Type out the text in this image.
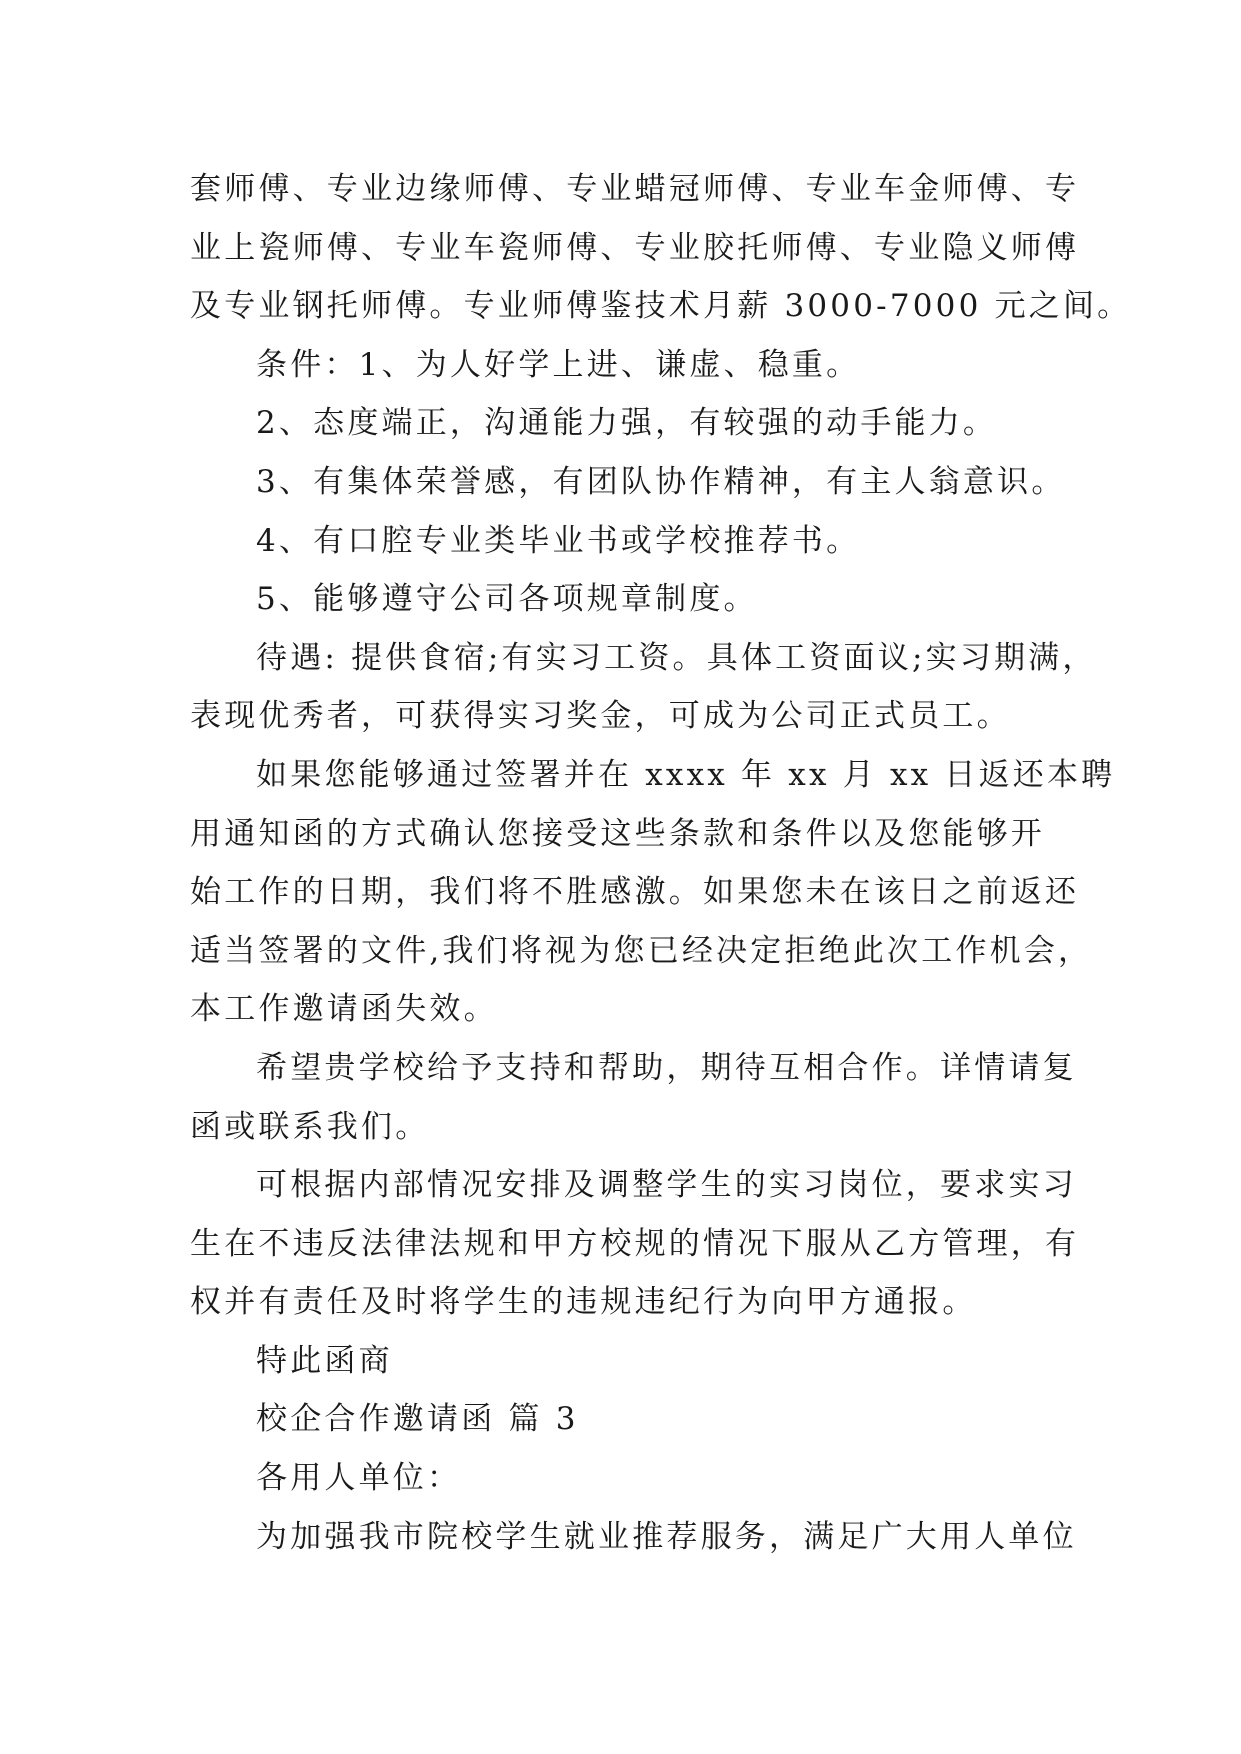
套师傅、专业边缘师傅、专业蜡冠师傅、专业车金师傅、专
业上瓷师傅、专业车瓷师傅、专业胶托师傅、专业隐义师傅
及专业钢托师傅。专业师傅鉴技术月薪 3000-7000 元之间。
条件：1、为人好学上进、谦虚、稳重。
2、态度端正，沟通能力强，有较强的动手能力。
3、有集体荣誉感，有团队协作精神，有主人翁意识。
4、有口腔专业类毕业书或学校推荐书。
5、能够遵守公司各项规章制度。
待遇: 提供食宿;有实习工资。具体工资面议;实习期满，
表现优秀者，可获得实习奖金，可成为公司正式员工。
如果您能够通过签署并在 xxxx 年 xx 月 xx 日返还本聘
用通知函的方式确认您接受这些条款和条件以及您能够开
始工作的日期，我们将不胜感激。如果您未在该日之前返还
适当签署的文件,我们将视为您已经决定拒绝此次工作机会，
本工作邀请函失效。
希望贵学校给予支持和帮助，期待互相合作。详情请复
函或联系我们。
可根据内部情况安排及调整学生的实习岗位，要求实习
生在不违反法律法规和甲方校规的情况下服从乙方管理，有
权并有责任及时将学生的违规违纪行为向甲方通报。
特此函商
校企合作邀请函 篇 3
各用人单位：
为加强我市院校学生就业推荐服务，满足广大用人单位
